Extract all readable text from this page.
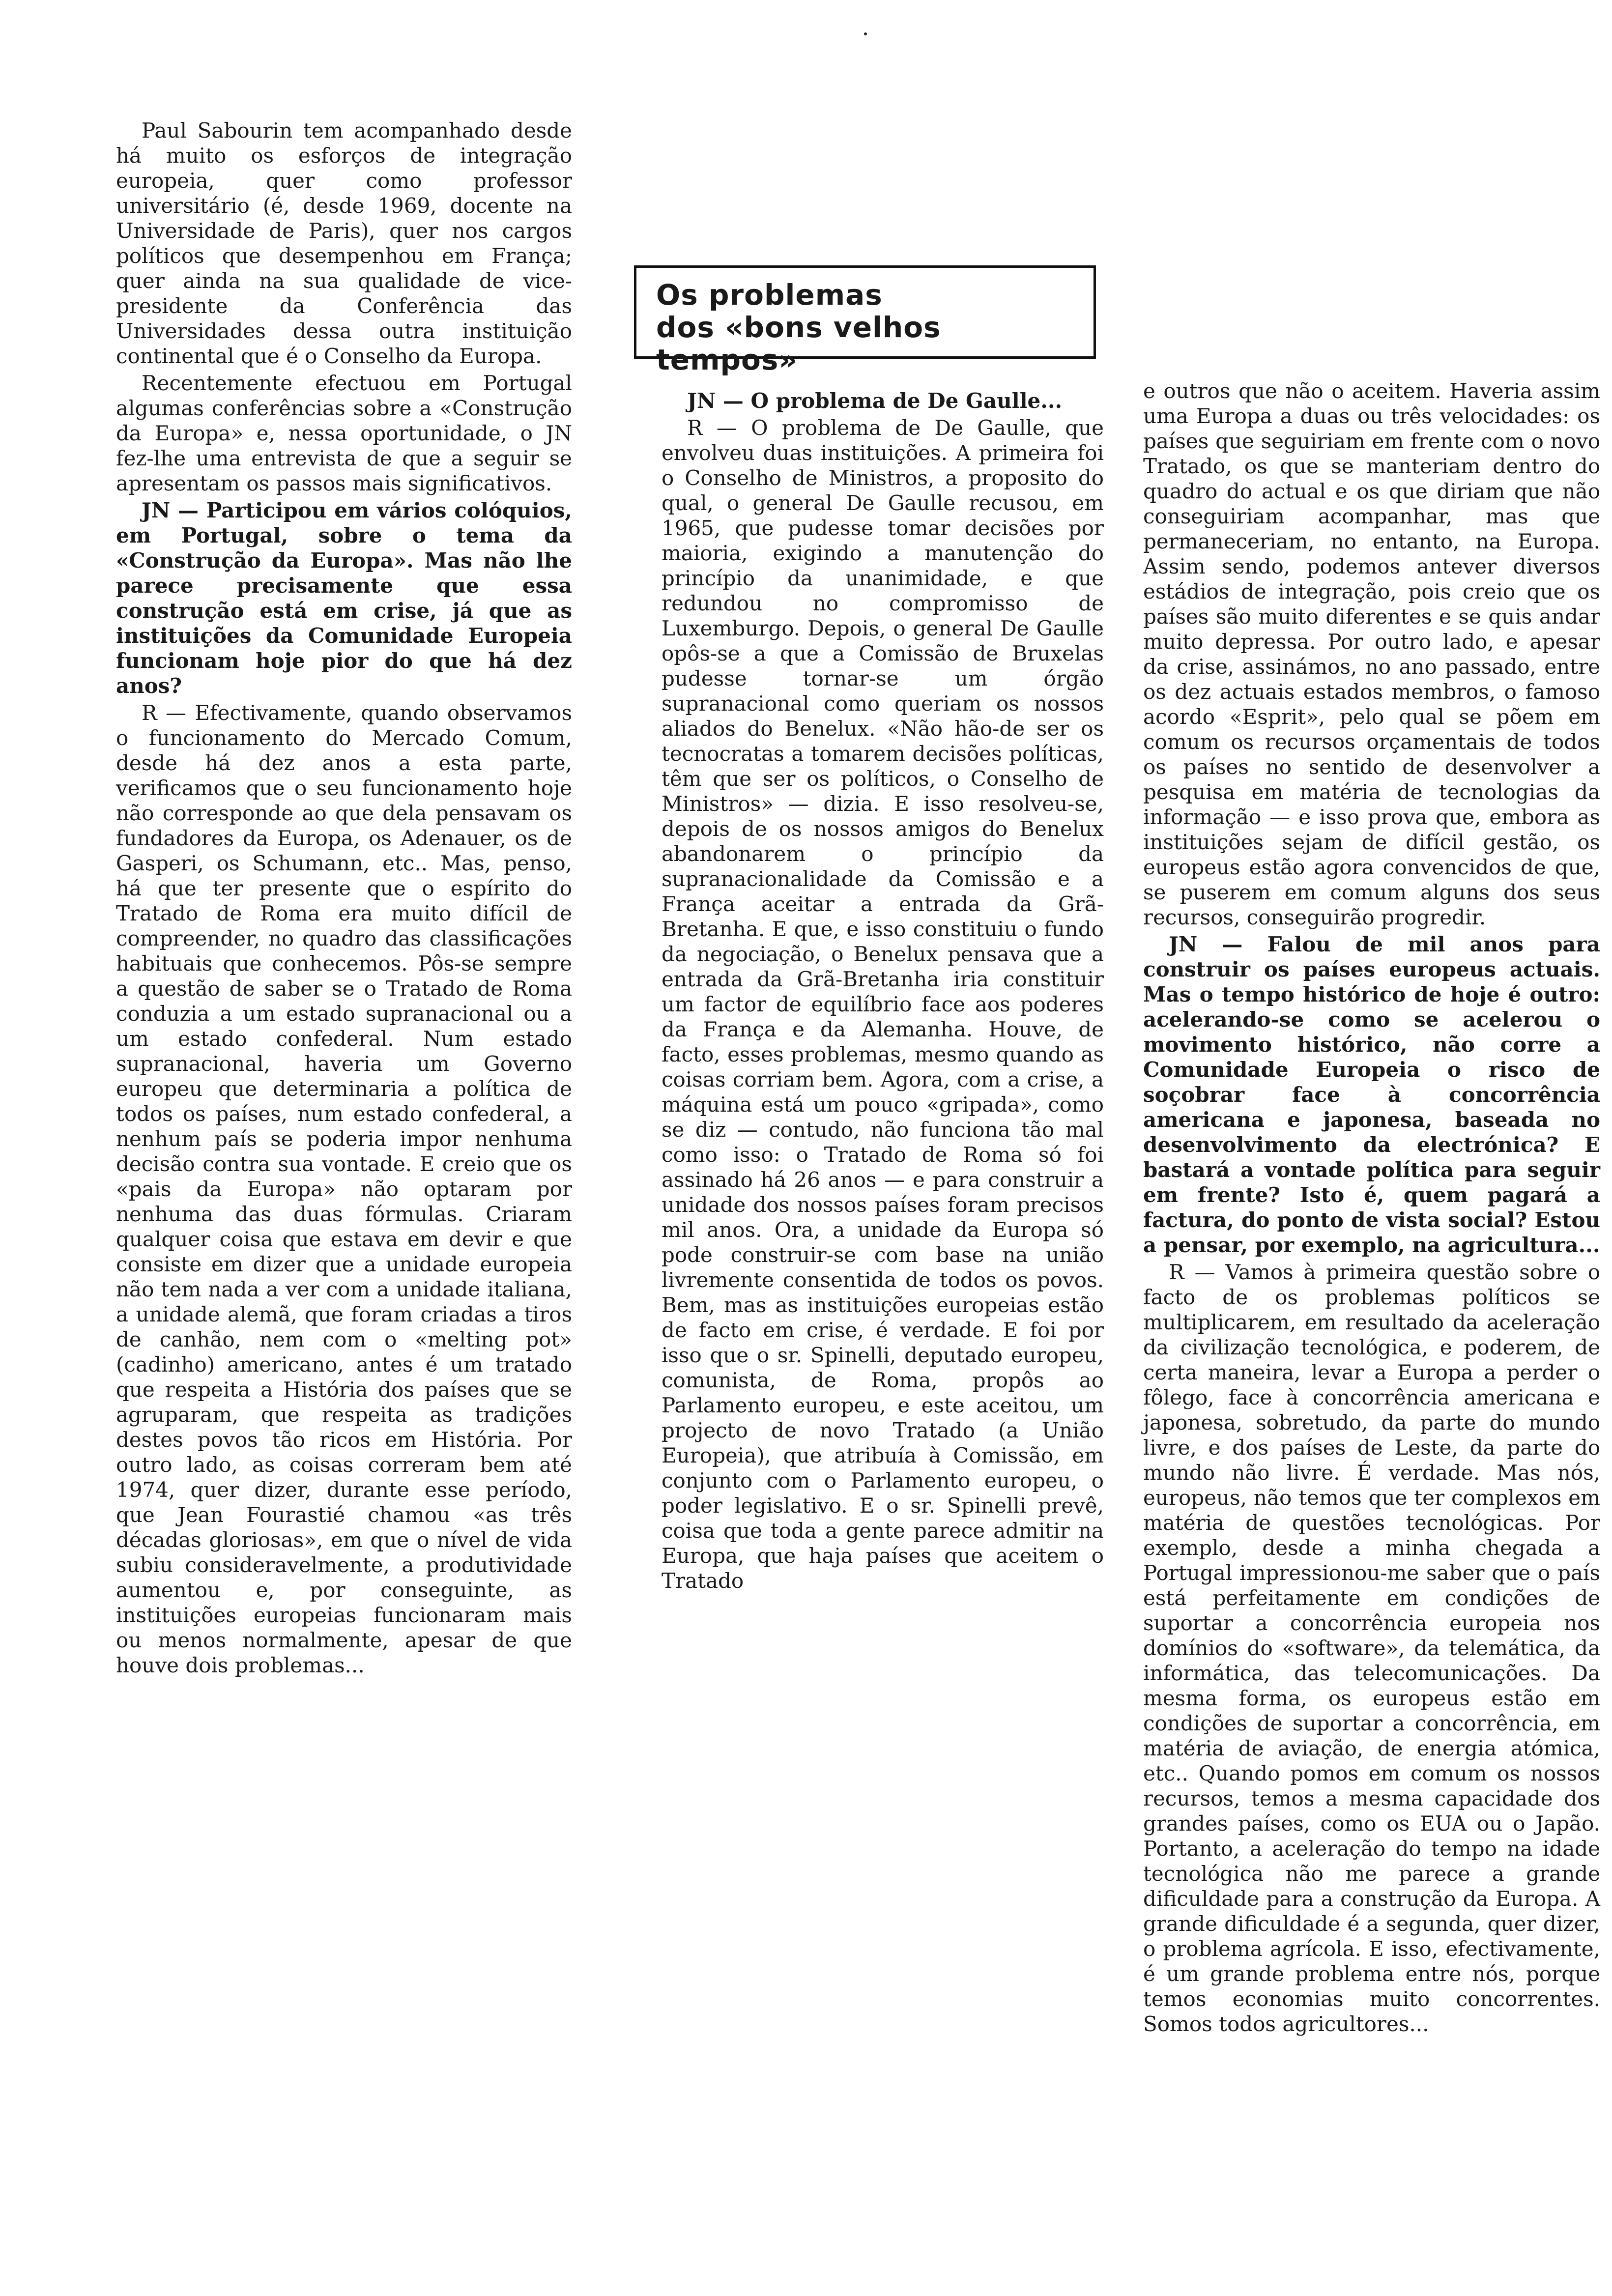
Paul Sabourin tem acompanhado desde há muito os esforços de integração europeia, quer como professor universitário (é, desde 1969, docente na Universidade de Paris), quer nos cargos políticos que desempenhou em França; quer ainda na sua qualidade de vice-presidente da Conferência das Universidades dessa outra instituição continental que é o Conselho da Europa.

Recentemente efectuou em Portugal algumas conferências sobre a «Construção da Europa» e, nessa oportunidade, o JN fez-lhe uma entrevista de que a seguir se apresentam os passos mais significativos.

JN — Participou em vários colóquios, em Portugal, sobre o tema da «Construção da Europa». Mas não lhe parece precisamente que essa construção está em crise, já que as instituições da Comunidade Europeia funcionam hoje pior do que há dez anos?

R — Efectivamente, quando observamos o funcionamento do Mercado Comum, desde há dez anos a esta parte, verificamos que o seu funcionamento hoje não corresponde ao que dela pensavam os fundadores da Europa, os Adenauer, os de Gasperi, os Schumann, etc.. Mas, penso, há que ter presente que o espírito do Tratado de Roma era muito difícil de compreender, no quadro das classificações habituais que conhecemos. Pôs-se sempre a questão de saber se o Tratado de Roma conduzia a um estado supranacional ou a um estado confederal. Num estado supranacional, haveria um Governo europeu que determinaria a política de todos os países, num estado confederal, a nenhum país se poderia impor nenhuma decisão contra sua vontade. E creio que os «pais da Europa» não optaram por nenhuma das duas fórmulas. Criaram qualquer coisa que estava em devir e que consiste em dizer que a unidade europeia não tem nada a ver com a unidade italiana, a unidade alemã, que foram criadas a tiros de canhão, nem com o «melting pot» (cadinho) americano, antes é um tratado que respeita a História dos países que se agruparam, que respeita as tradições destes povos tão ricos em História. Por outro lado, as coisas correram bem até 1974, quer dizer, durante esse período, que Jean Fourastié chamou «as três décadas gloriosas», em que o nível de vida subiu consideravelmente, a produtividade aumentou e, por conseguinte, as instituições europeias funcionaram mais ou menos normalmente, apesar de que houve dois problemas...

Os problemas
dos «bons velhos tempos»

JN — O problema de De Gaulle...

R — O problema de De Gaulle, que envolveu duas instituições. A primeira foi o Conselho de Ministros, a proposito do qual, o general De Gaulle recusou, em 1965, que pudesse tomar decisões por maioria, exigindo a manutenção do princípio da unanimidade, e que redundou no compromisso de Luxemburgo. Depois, o general De Gaulle opôs-se a que a Comissão de Bruxelas pudesse tornar-se um órgão supranacional como queriam os nossos aliados do Benelux. «Não hão-de ser os tecnocratas a tomarem decisões políticas, têm que ser os políticos, o Conselho de Ministros» — dizia. E isso resolveu-se, depois de os nossos amigos do Benelux abandonarem o princípio da supranacionalidade da Comissão e a França aceitar a entrada da Grã-Bretanha. E que, e isso constituiu o fundo da negociação, o Benelux pensava que a entrada da Grã-Bretanha iria constituir um factor de equilíbrio face aos poderes da França e da Alemanha. Houve, de facto, esses problemas, mesmo quando as coisas corriam bem. Agora, com a crise, a máquina está um pouco «gripada», como se diz — contudo, não funciona tão mal como isso: o Tratado de Roma só foi assinado há 26 anos — e para construir a unidade dos nossos países foram precisos mil anos. Ora, a unidade da Europa só pode construir-se com base na união livremente consentida de todos os povos. Bem, mas as instituições europeias estão de facto em crise, é verdade. E foi por isso que o sr. Spinelli, deputado europeu, comunista, de Roma, propôs ao Parlamento europeu, e este aceitou, um projecto de novo Tratado (a União Europeia), que atribuía à Comissão, em conjunto com o Parlamento europeu, o poder legislativo. E o sr. Spinelli prevê, coisa que toda a gente parece admitir na Europa, que haja países que aceitem o Tratado

e outros que não o aceitem. Haveria assim uma Europa a duas ou três velocidades: os países que seguiriam em frente com o novo Tratado, os que se manteriam dentro do quadro do actual e os que diriam que não conseguiriam acompanhar, mas que permaneceriam, no entanto, na Europa. Assim sendo, podemos antever diversos estádios de integração, pois creio que os países são muito diferentes e se quis andar muito depressa. Por outro lado, e apesar da crise, assinámos, no ano passado, entre os dez actuais estados membros, o famoso acordo «Esprit», pelo qual se põem em comum os recursos orçamentais de todos os países no sentido de desenvolver a pesquisa em matéria de tecnologias da informação — e isso prova que, embora as instituições sejam de difícil gestão, os europeus estão agora convencidos de que, se puserem em comum alguns dos seus recursos, conseguirão progredir.

JN — Falou de mil anos para construir os países europeus actuais. Mas o tempo histórico de hoje é outro: acelerando-se como se acelerou o movimento histórico, não corre a Comunidade Europeia o risco de soçobrar face à concorrência americana e japonesa, baseada no desenvolvimento da electrónica? E bastará a vontade política para seguir em frente? Isto é, quem pagará a factura, do ponto de vista social? Estou a pensar, por exemplo, na agricultura...

R — Vamos à primeira questão sobre o facto de os problemas políticos se multiplicarem, em resultado da aceleração da civilização tecnológica, e poderem, de certa maneira, levar a Europa a perder o fôlego, face à concorrência americana e japonesa, sobretudo, da parte do mundo livre, e dos países de Leste, da parte do mundo não livre. É verdade. Mas nós, europeus, não temos que ter complexos em matéria de questões tecnológicas. Por exemplo, desde a minha chegada a Portugal impressionou-me saber que o país está perfeitamente em condições de suportar a concorrência europeia nos domínios do «software», da telemática, da informática, das telecomunicações. Da mesma forma, os europeus estão em condições de suportar a concorrência, em matéria de aviação, de energia atómica, etc.. Quando pomos em comum os nossos recursos, temos a mesma capacidade dos grandes países, como os EUA ou o Japão. Portanto, a aceleração do tempo na idade tecnológica não me parece a grande dificuldade para a construção da Europa. A grande dificuldade é a segunda, quer dizer, o problema agrícola. E isso, efectivamente, é um grande problema entre nós, porque temos economias muito concorrentes. Somos todos agricultores...
